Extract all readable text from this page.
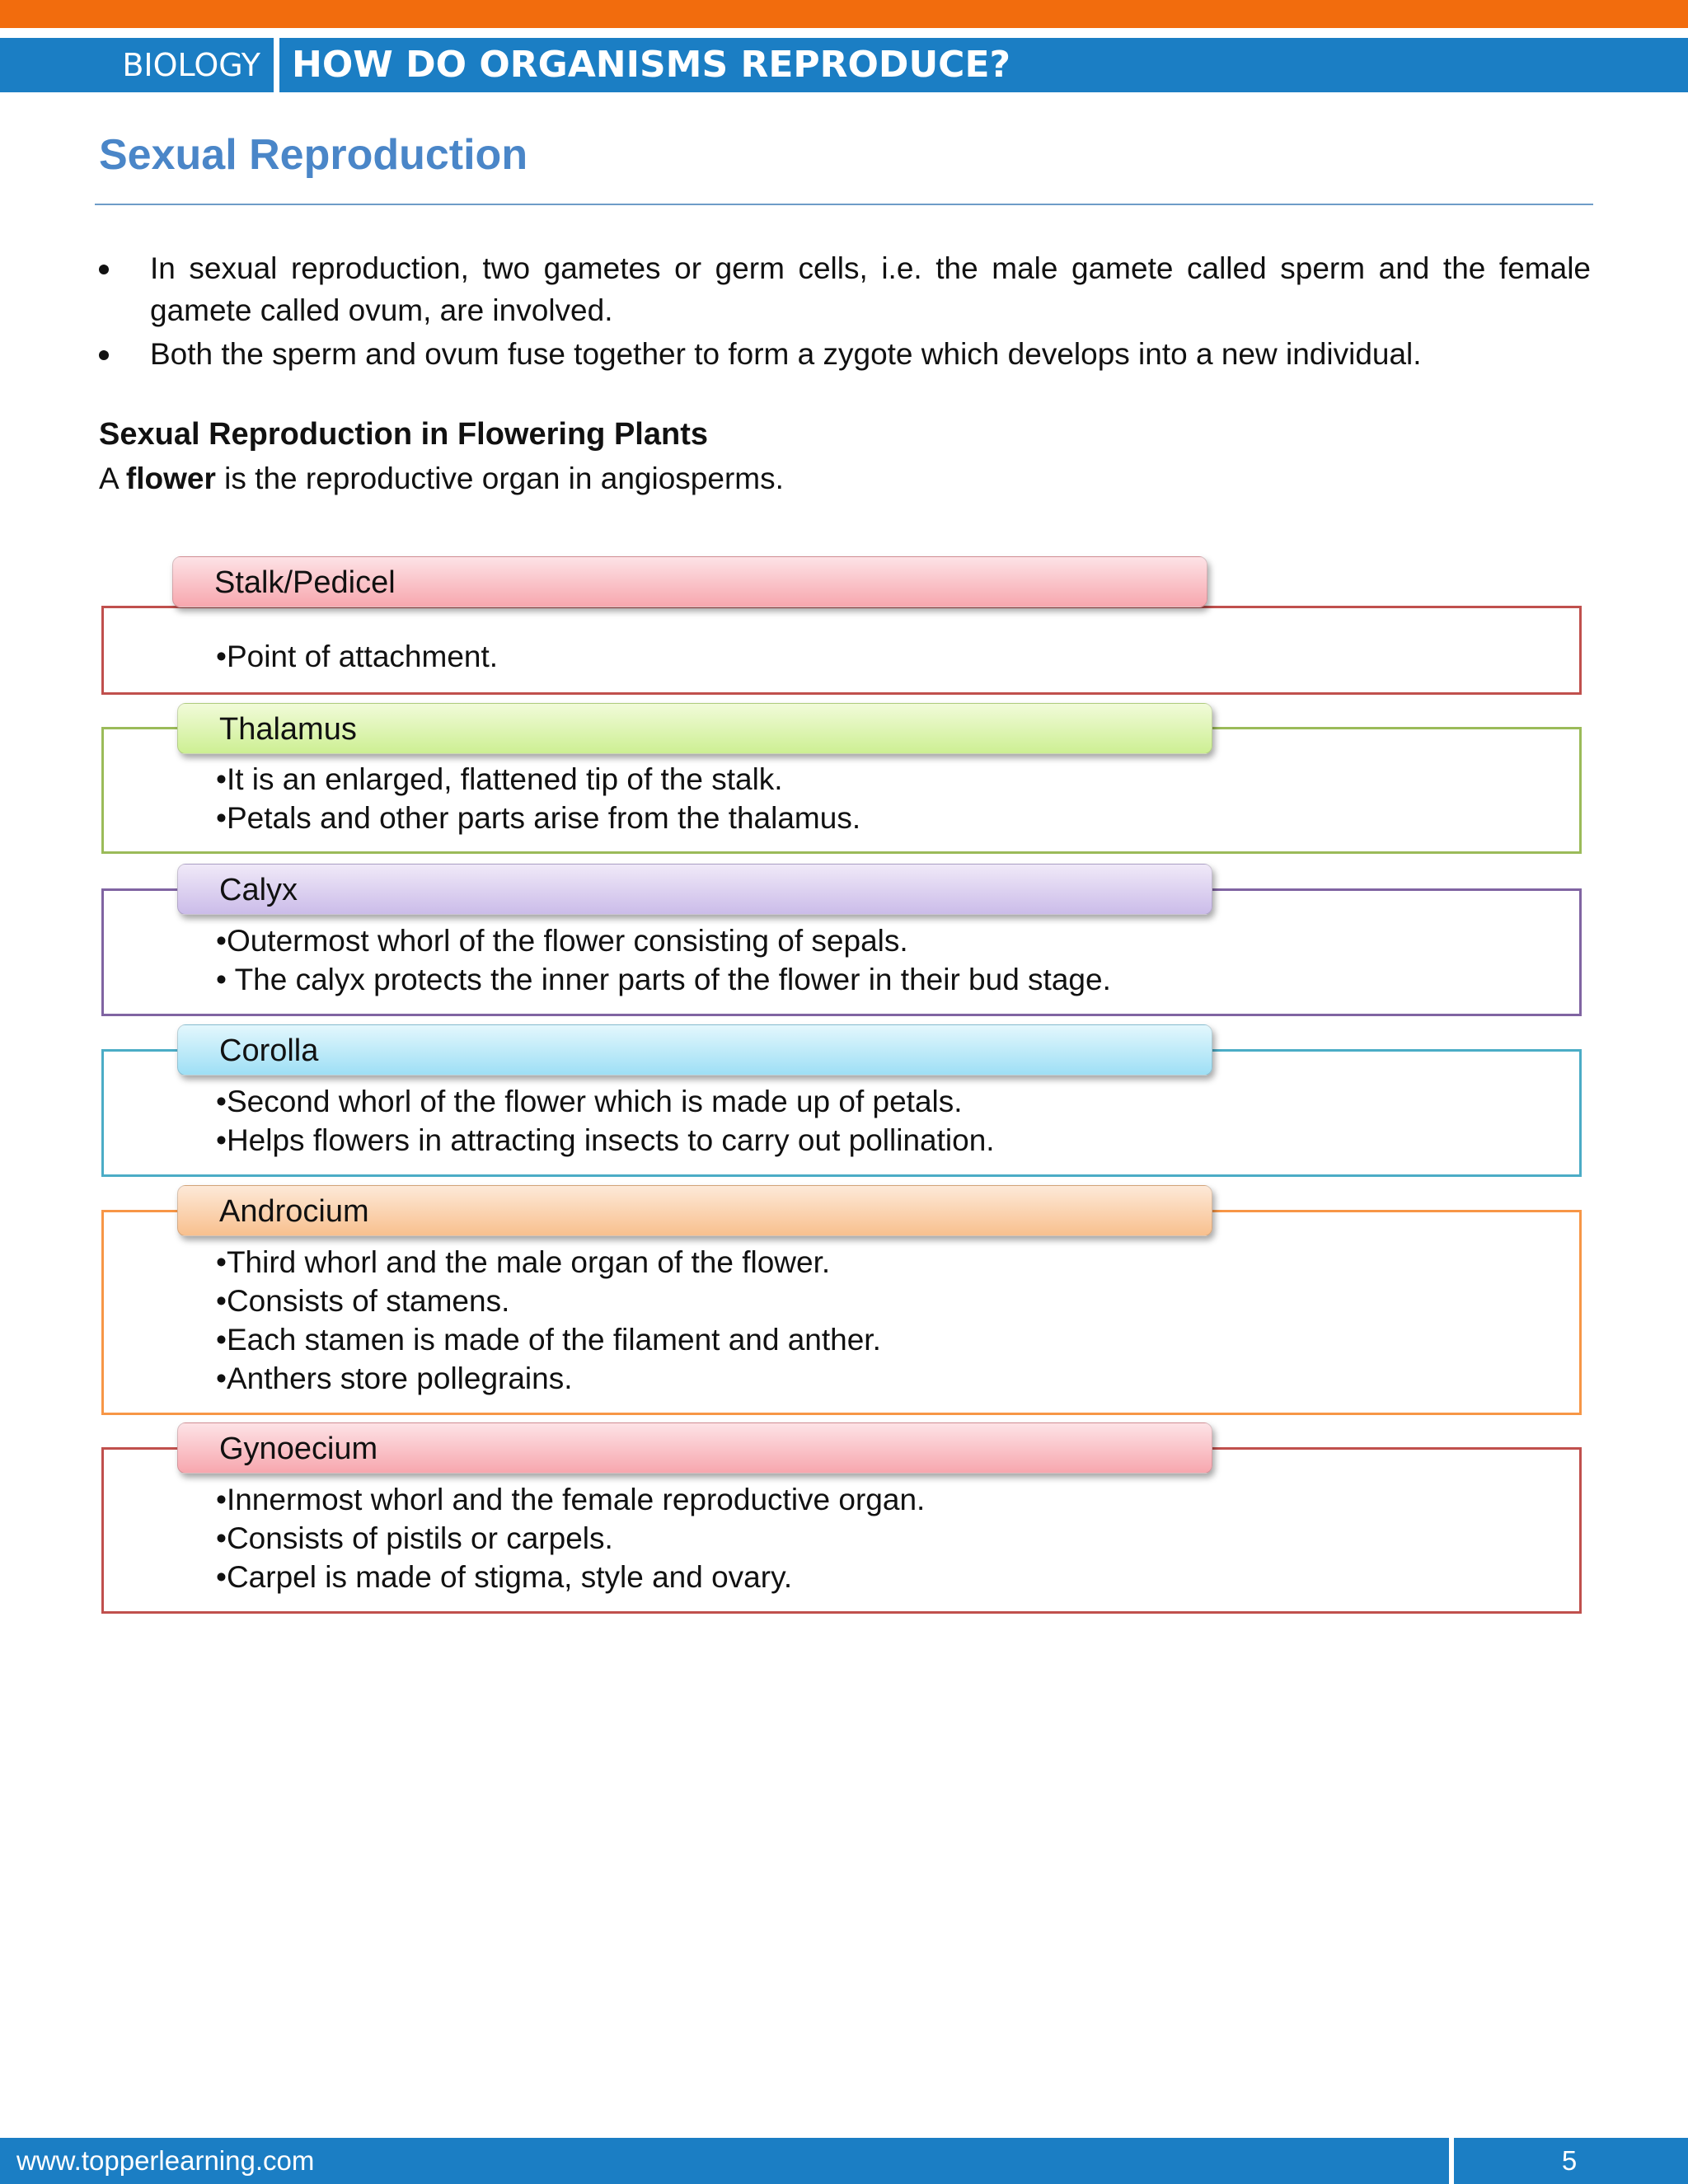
BIOLOGY HOW DO ORGANISMS REPRODUCE?
Sexual Reproduction
In sexual reproduction, two gametes or germ cells, i.e. the male gamete called sperm and the female gamete called ovum, are involved.
Both the sperm and ovum fuse together to form a zygote which develops into a new individual.
Sexual Reproduction in Flowering Plants
A flower is the reproductive organ in angiosperms.
Stalk/Pedicel
•Point of attachment.
Thalamus
•It is an enlarged, flattened tip of the stalk.
•Petals and other parts arise from the thalamus.
Calyx
•Outermost whorl of the flower consisting of sepals.
• The calyx protects the inner parts of the flower in their bud stage.
Corolla
•Second whorl of the flower which is made up of petals.
•Helps flowers in attracting insects to carry out pollination.
Androcium
•Third whorl and the male organ of the flower.
•Consists of stamens.
•Each stamen is made of the filament and anther.
•Anthers store pollegrains.
Gynoecium
•Innermost whorl and the female reproductive organ.
•Consists of pistils or carpels.
•Carpel is made of stigma, style and ovary.
www.topperlearning.com	5
